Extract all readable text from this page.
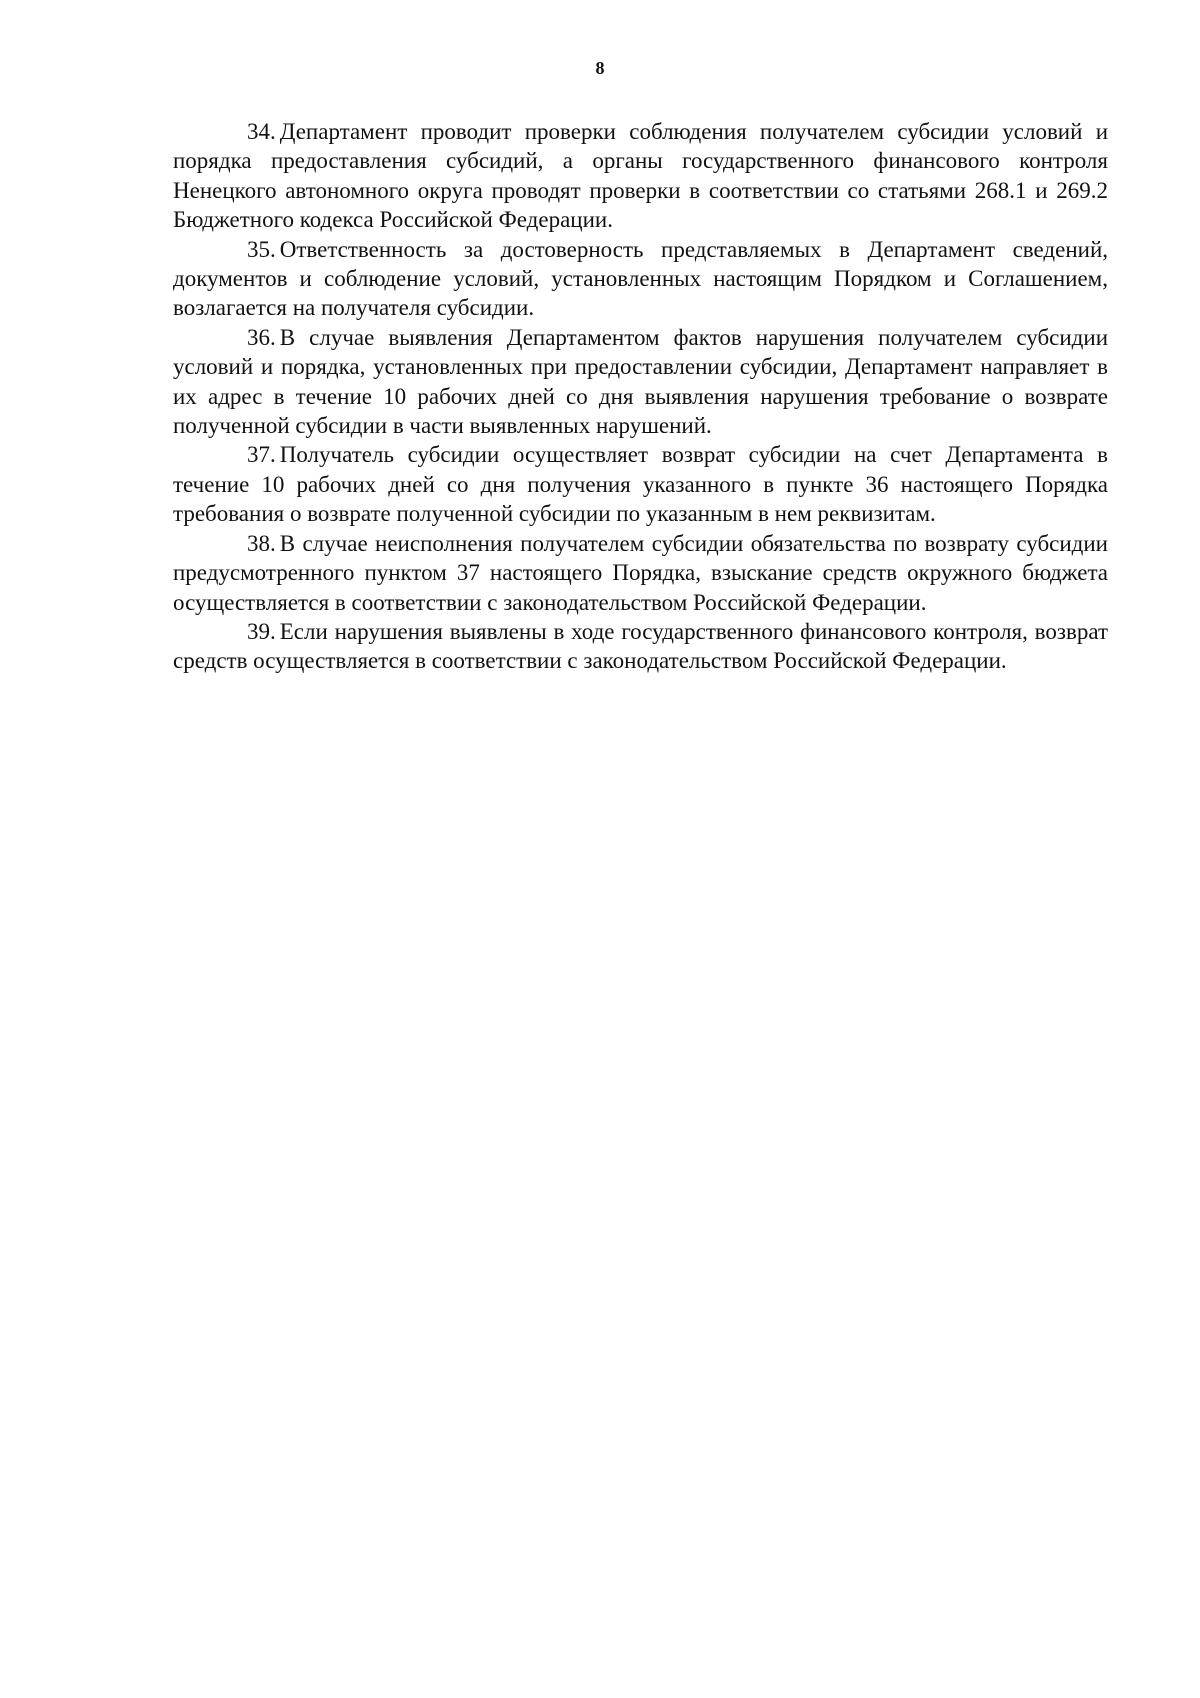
8

34. Департамент проводит проверки соблюдения получателем субсидии условий и порядка предоставления субсидий, а органы государственного финансового контроля Ненецкого автономного округа проводят проверки в соответствии со статьями 268.1 и 269.2 Бюджетного кодекса Российской Федерации.

35. Ответственность за достоверность представляемых в Департамент сведений, документов и соблюдение условий, установленных настоящим Порядком и Соглашением, возлагается на получателя субсидии.

36. В случае выявления Департаментом фактов нарушения получателем субсидии условий и порядка, установленных при предоставлении субсидии, Департамент направляет в их адрес в течение 10 рабочих дней со дня выявления нарушения требование о возврате полученной субсидии в части выявленных нарушений.

37. Получатель субсидии осуществляет возврат субсидии на счет Департамента в течение 10 рабочих дней со дня получения указанного в пункте 36 настоящего Порядка требования о возврате полученной субсидии по указанным в нем реквизитам.

38. В случае неисполнения получателем субсидии обязательства по возврату субсидии предусмотренного пунктом 37 настоящего Порядка, взыскание средств окружного бюджета осуществляется в соответствии с законодательством Российской Федерации.

39. Если нарушения выявлены в ходе государственного финансового контроля, возврат средств осуществляется в соответствии с законодательством Российской Федерации.
